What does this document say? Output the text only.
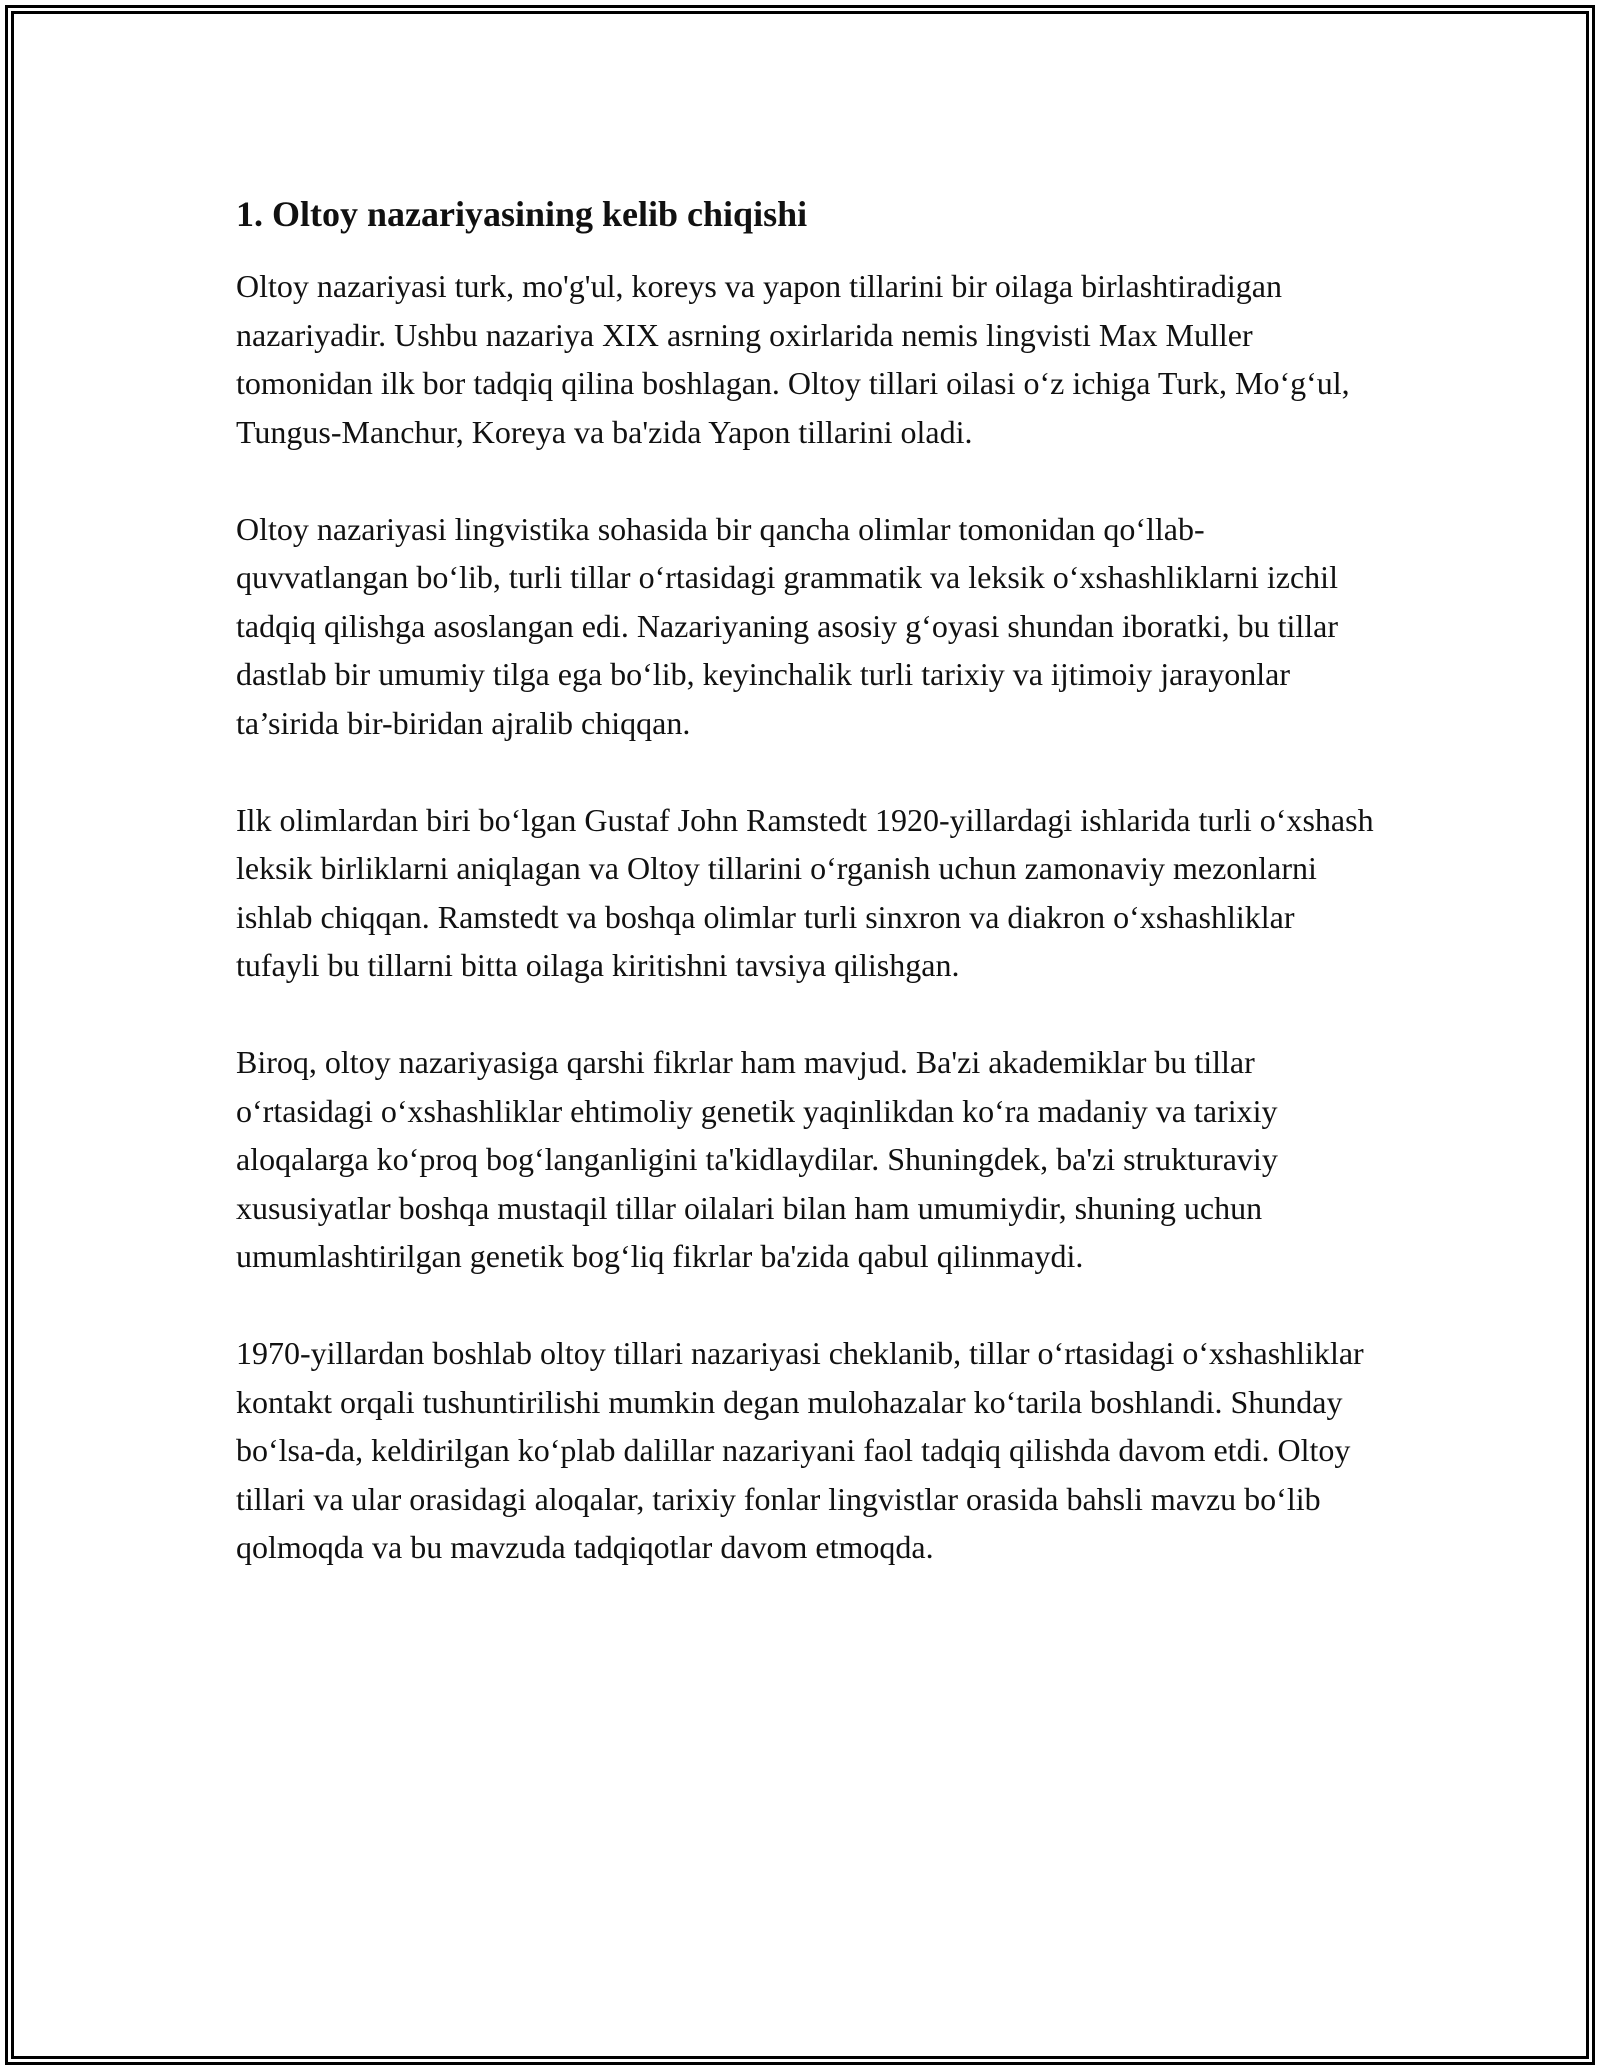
1. Oltoy nazariyasining kelib chiqishi

Oltoy nazariyasi turk, mo'g'ul, koreys va yapon tillarini bir oilaga birlashtiradigan nazariyadir. Ushbu nazariya XIX asrning oxirlarida nemis lingvisti Max Muller tomonidan ilk bor tadqiq qilina boshlagan. Oltoy tillari oilasi o‘z ichiga Turk, Mo‘g‘ul, Tungus-Manchur, Koreya va ba'zida Yapon tillarini oladi.

Oltoy nazariyasi lingvistika sohasida bir qancha olimlar tomonidan qo‘llab-quvvatlangan bo‘lib, turli tillar o‘rtasidagi grammatik va leksik o‘xshashliklarni izchil tadqiq qilishga asoslangan edi. Nazariyaning asosiy g‘oyasi shundan iboratki, bu tillar dastlab bir umumiy tilga ega bo‘lib, keyinchalik turli tarixiy va ijtimoiy jarayonlar ta’sirida bir-biridan ajralib chiqqan.

Ilk olimlardan biri bo‘lgan Gustaf John Ramstedt 1920-yillardagi ishlarida turli o‘xshash leksik birliklarni aniqlagan va Oltoy tillarini o‘rganish uchun zamonaviy mezonlarni ishlab chiqqan. Ramstedt va boshqa olimlar turli sinxron va diakron o‘xshashliklar tufayli bu tillarni bitta oilaga kiritishni tavsiya qilishgan.

Biroq, oltoy nazariyasiga qarshi fikrlar ham mavjud. Ba'zi akademiklar bu tillar o‘rtasidagi o‘xshashliklar ehtimoliy genetik yaqinlikdan ko‘ra madaniy va tarixiy aloqalarga ko‘proq bog‘langanligini ta'kidlaydilar. Shuningdek, ba'zi strukturaviy xususiyatlar boshqa mustaqil tillar oilalari bilan ham umumiydir, shuning uchun umumlashtirilgan genetik bog‘liq fikrlar ba'zida qabul qilinmaydi.

1970-yillardan boshlab oltoy tillari nazariyasi cheklanib, tillar o‘rtasidagi o‘xshashliklar kontakt orqali tushuntirilishi mumkin degan mulohazalar ko‘tarila boshlandi. Shunday bo‘lsa-da, keldirilgan ko‘plab dalillar nazariyani faol tadqiq qilishda davom etdi. Oltoy tillari va ular orasidagi aloqalar, tarixiy fonlar lingvistlar orasida bahsli mavzu bo‘lib qolmoqda va bu mavzuda tadqiqotlar davom etmoqda.
